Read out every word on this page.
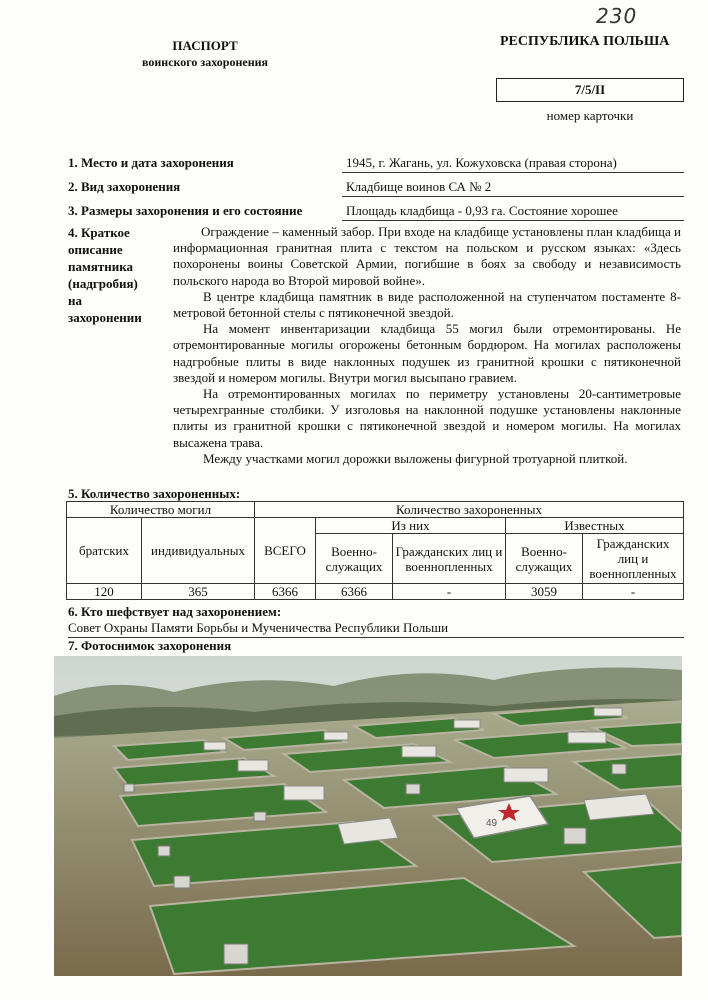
230
ПАСПОРТ
воинского захоронения
РЕСПУБЛИКА ПОЛЬША
7/5/II
номер карточки
1. Место и дата захоронения	1945, г. Жагань, ул. Кожуховска (правая сторона)
2. Вид захоронения	Кладбище воинов СА № 2
3. Размеры захоронения и его состояние	Площадь кладбища - 0,93 га. Состояние хорошее
4. Краткое
описание
памятника
(надгробия)
на
захоронении

Ограждение – каменный забор. При входе на кладбище установлены план кладбища и информационная гранитная плита с текстом на польском и русском языках: «Здесь похоронены воины Советской Армии, погибшие в боях за свободу и независимость польского народа во Второй мировой войне».

В центре кладбища памятник в виде расположенной на ступенчатом постаменте 8-метровой бетонной стелы с пятиконечной звездой.

На момент инвентаризации кладбища 55 могил были отремонтированы. Не отремонтированные могилы огорожены бетонным бордюром. На могилах расположены надгробные плиты в виде наклонных подушек из гранитной крошки с пятиконечной звездой и номером могилы. Внутри могил высыпано гравием.

На отремонтированных могилах по периметру установлены 20-сантиметровые четырехгранные столбики. У изголовья на наклонной подушке установлены наклонные плиты из гранитной крошки с пятиконечной звездой и номером могилы. На могилах высажена трава.

Между участками могил дорожки выложены фигурной тротуарной плиткой.

5. Количество захороненных:
Количество могил		Количество захороненных				
братских	индивидуальных	ВСЕГО	Из них		Известных	
			Военно-служащих	Гражданских лиц и военнопленных	Военно-служащих	Гражданских лиц и военнопленных
120	365	6366	6366	-	3059	-
6. Кто шефствует над захоронением:
Совет Охраны Памяти Борьбы и Мученичества Республики Польши
7. Фотоснимок захоронения
49
